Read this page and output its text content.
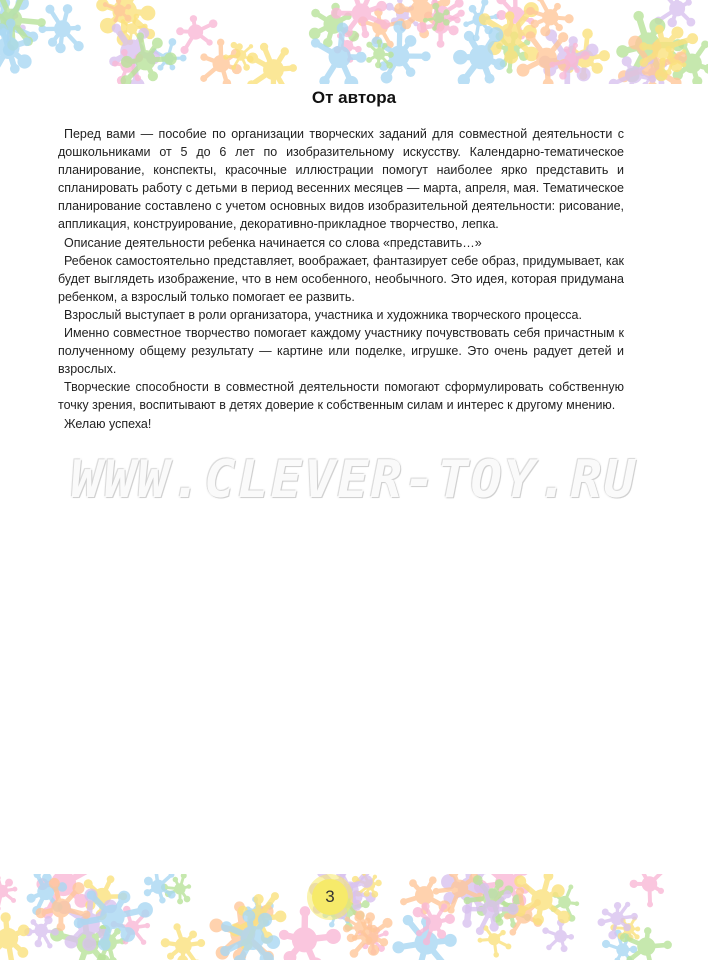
От автора

Перед вами — пособие по организации творческих заданий для совместной деятельности с дошкольниками от 5 до 6 лет по изобразительному искусству. Календарно-тематическое планирование, конспекты, красочные иллюстрации помогут наиболее ярко представить и спланировать работу с детьми в период весенних месяцев — марта, апреля, мая. Тематическое планирование составлено с учетом основных видов изобразительной деятельности: рисование, аппликация, конструирование, декоративно-прикладное творчество, лепка.

Описание деятельности ребенка начинается со слова «представить…»

Ребенок самостоятельно представляет, воображает, фантазирует себе образ, придумывает, как будет выглядеть изображение, что в нем особенного, необычного. Это идея, которая придумана ребенком, а взрослый только помогает ее развить.

Взрослый выступает в роли организатора, участника и художника творческого процесса.

Именно совместное творчество помогает каждому участнику почувствовать себя причастным к полученному общему результату — картине или поделке, игрушке. Это очень радует детей и взрослых.

Творческие способности в совместной деятельности помогают сформулировать собственную точку зрения, воспитывают в детях доверие к собственным силам и интерес к другому мнению.

Желаю успеха!

WWW.CLEVER-TOY.RU
3
